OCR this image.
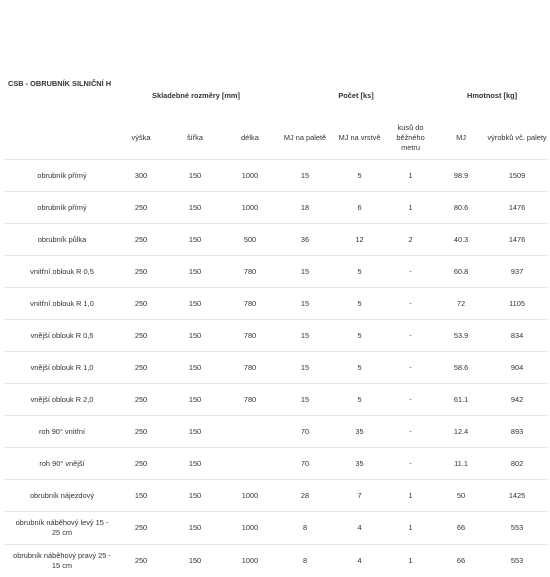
CSB - OBRUBNÍK SILNIČNÍ H	Skladebné rozměry [mm]			Počet [ks]			Hmotnost [kg]	
	výška	šířka	délka	MJ na paletě	MJ na vrstvě	kusů do běžného metru	MJ	výrobků vč. palety
obrubník přímý	300	150	1000	15	5	1	98.9	1509
obrubník přímý	250	150	1000	18	6	1	80.6	1476
obrubník půlka	250	150	500	36	12	2	40.3	1476
vnitřní oblouk R 0,5	250	150	780	15	5	-	60.8	937
vnitřní oblouk R 1,0	250	150	780	15	5	-	72	1105
vnější oblouk R 0,5	250	150	780	15	5	-	53.9	834
vnější oblouk R 1,0	250	150	780	15	5	-	58.6	904
vnější oblouk R 2,0	250	150	780	15	5	-	61.1	942
roh 90° vnitřní	250	150		70	35	-	12.4	893
roh 90° vnější	250	150		70	35	-	11.1	802
obrubník nájezdový	150	150	1000	28	7	1	50	1425
obrubník náběhový levý 15 - 25 cm	250	150	1000	8	4	1	66	553
obrubník náběhový pravý 25 - 15 cm	250	150	1000	8	4	1	66	553
